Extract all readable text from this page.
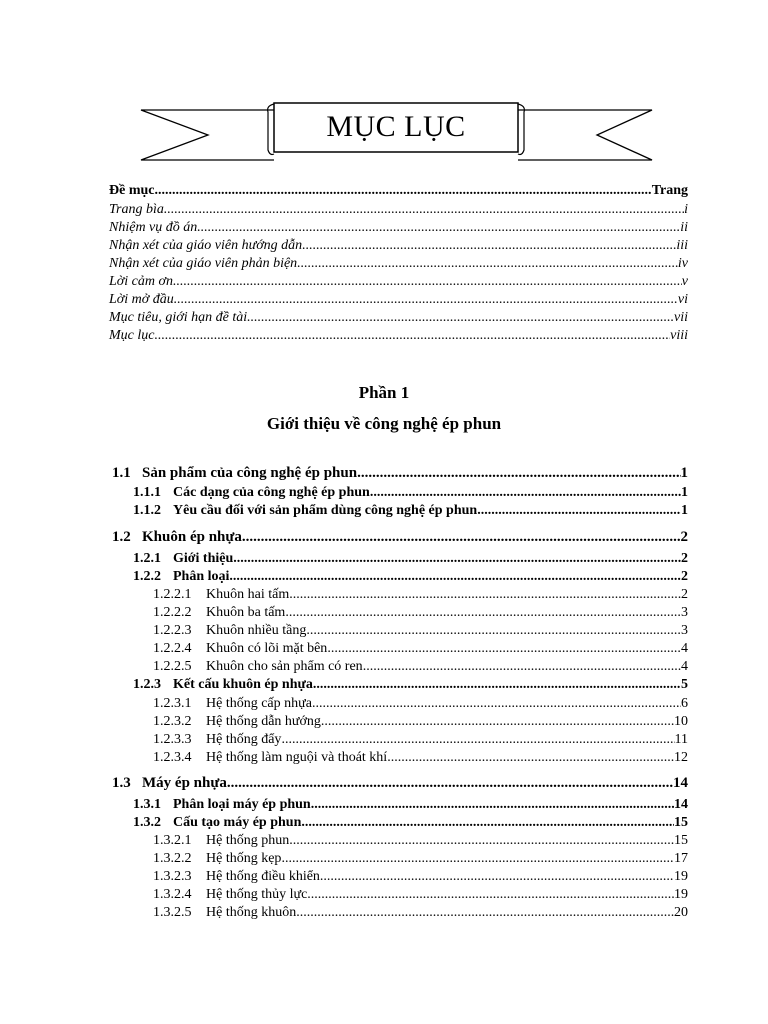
MỤC LỤC
Đề mục .....	Trang
Trang bìa .....	i
Nhiệm vụ đồ án .....	ii
Nhận xét của giáo viên hướng dẫn .....	iii
Nhận xét của giáo viên phản biện .....	iv
Lời cảm ơn .....	v
Lời mở đầu .....	vi
Mục tiêu, giới hạn đề tài .....	vii
Mục lục .....	viii
Phần 1
Giới thiệu về công nghệ ép phun
1.1 Sản phẩm của công nghệ ép phun .....	1
1.1.1 Các dạng của công nghệ ép phun .....	1
1.1.2 Yêu cầu đối với sản phẩm dùng công nghệ ép phun .....	1
1.2 Khuôn ép nhựa .....	2
1.2.1 Giới thiệu .....	2
1.2.2 Phân loại .....	2
1.2.2.1 Khuôn hai tấm .....	2
1.2.2.2 Khuôn ba tấm .....	3
1.2.2.3 Khuôn nhiều tầng .....	3
1.2.2.4 Khuôn có lõi mặt bên .....	4
1.2.2.5 Khuôn cho sản phẩm có ren .....	4
1.2.3 Kết cấu khuôn ép nhựa .....	5
1.2.3.1 Hệ thống cấp nhựa .....	6
1.2.3.2 Hệ thống dẫn hướng .....	10
1.2.3.3 Hệ thống đẩy .....	11
1.2.3.4 Hệ thống làm nguội và thoát khí .....	12
1.3 Máy ép nhựa .....	14
1.3.1 Phân loại máy ép phun .....	14
1.3.2 Cấu tạo máy ép phun .....	15
1.3.2.1 Hệ thống phun .....	15
1.3.2.2 Hệ thống kẹp .....	17
1.3.2.3 Hệ thống điều khiển .....	19
1.3.2.4 Hệ thống thủy lực .....	19
1.3.2.5 Hệ thống khuôn .....	20
